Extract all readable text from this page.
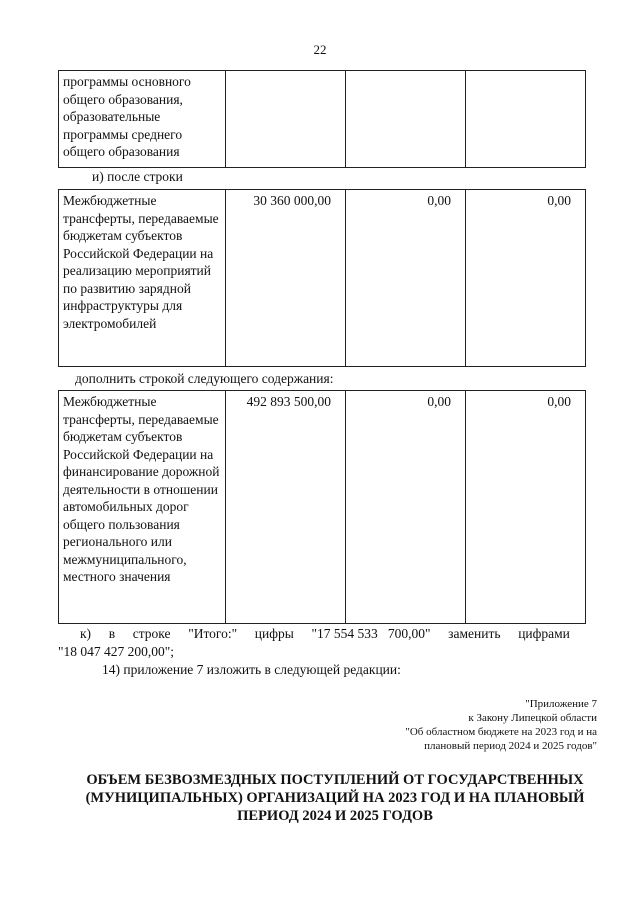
22
программы основного общего образования, образовательные программы среднего общего образования			
и) после строки
Межбюджетные трансферты, передаваемые бюджетам субъектов Российской Федерации на реализацию мероприятий по развитию зарядной инфраструктуры для электромобилей	30 360 000,00	0,00	0,00
дополнить строкой следующего содержания:
Межбюджетные трансферты, передаваемые бюджетам субъектов Российской Федерации на финансирование дорожной деятельности в отношении автомобильных дорог общего пользования регионального или межмуниципального, местного значения	492 893 500,00	0,00	0,00
к) в строке "Итого:" цифры "17 554 533   700,00" заменить цифрами
"18 047 427 200,00";
14) приложение 7 изложить в следующей редакции:
"Приложение 7
к Закону Липецкой области
"Об областном бюджете на 2023 год и на
плановый период 2024 и 2025 годов"
ОБЪЕМ БЕЗВОЗМЕЗДНЫХ ПОСТУПЛЕНИЙ ОТ ГОСУДАРСТВЕННЫХ
(МУНИЦИПАЛЬНЫХ) ОРГАНИЗАЦИЙ НА 2023 ГОД И НА ПЛАНОВЫЙ
ПЕРИОД 2024 И 2025 ГОДОВ
